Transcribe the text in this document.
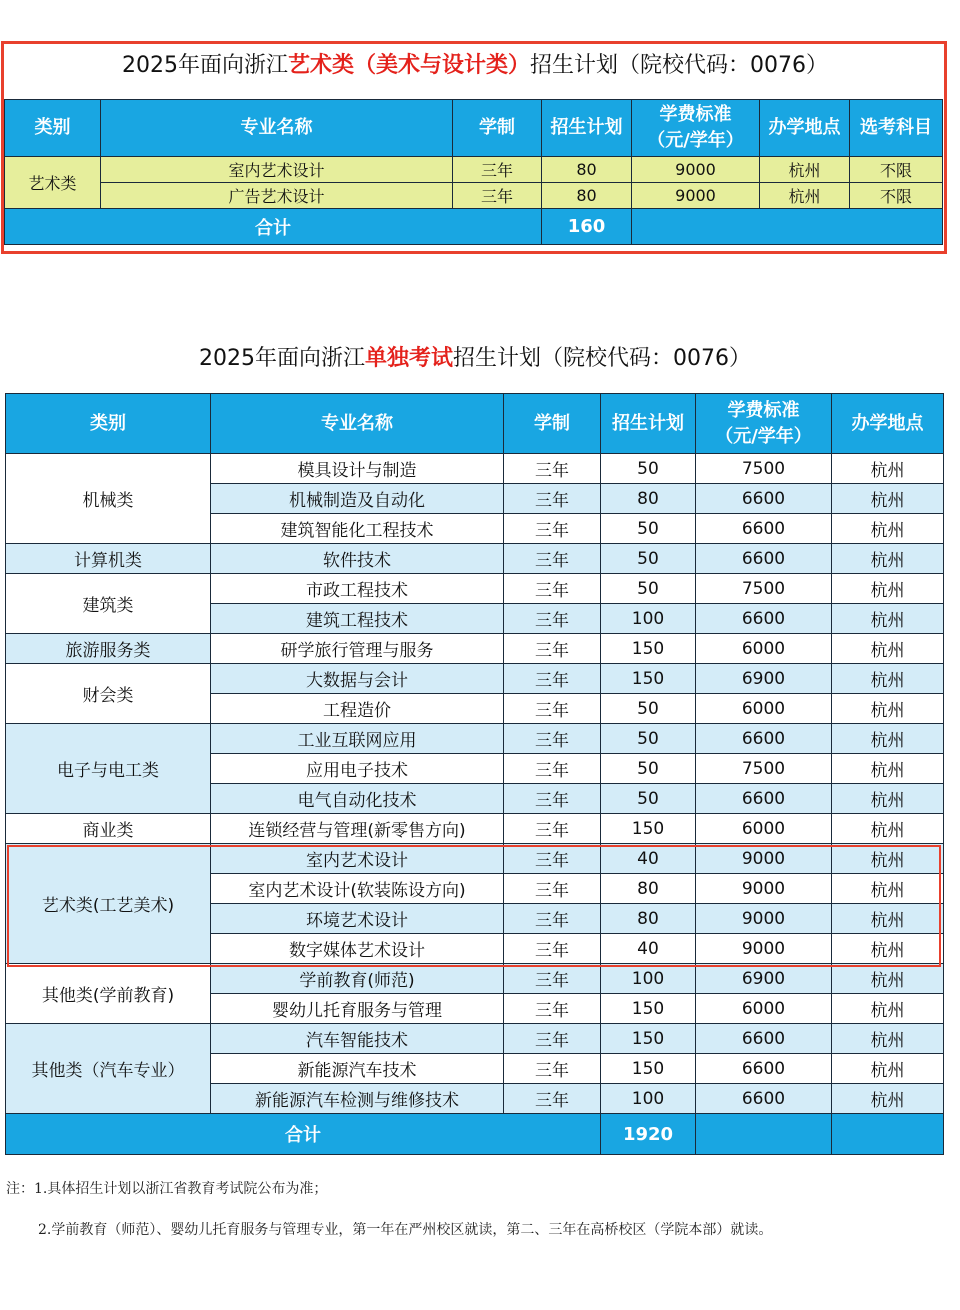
2025年面向浙江艺术类（美术与设计类）招生计划（院校代码：0076）
类别	专业名称	学制	招生计划	学费标准
（元/学年）	办学地点	选考科目
艺术类	室内艺术设计	三年	80	9000	杭州	不限
	广告艺术设计	三年	80	9000	杭州	不限
合计			160			
2025年面向浙江单独考试招生计划（院校代码：0076）
类别	专业名称	学制	招生计划	学费标准
（元/学年）	办学地点
机械类	模具设计与制造	三年	50	7500	杭州
	机械制造及自动化	三年	80	6600	杭州
	建筑智能化工程技术	三年	50	6600	杭州
计算机类	软件技术	三年	50	6600	杭州
建筑类	市政工程技术	三年	50	7500	杭州
	建筑工程技术	三年	100	6600	杭州
旅游服务类	研学旅行管理与服务	三年	150	6000	杭州
财会类	大数据与会计	三年	150	6900	杭州
	工程造价	三年	50	6000	杭州
电子与电工类	工业互联网应用	三年	50	6600	杭州
	应用电子技术	三年	50	7500	杭州
	电气自动化技术	三年	50	6600	杭州
商业类	连锁经营与管理(新零售方向)	三年	150	6000	杭州
艺术类(工艺美术)	室内艺术设计	三年	40	9000	杭州
	室内艺术设计(软装陈设方向)	三年	80	9000	杭州
	环境艺术设计	三年	80	9000	杭州
	数字媒体艺术设计	三年	40	9000	杭州
其他类(学前教育)	学前教育(师范)	三年	100	6900	杭州
	婴幼儿托育服务与管理	三年	150	6000	杭州
其他类（汽车专业）	汽车智能技术	三年	150	6600	杭州
	新能源汽车技术	三年	150	6600	杭州
	新能源汽车检测与维修技术	三年	100	6600	杭州
合计			1920		
注：1.具体招生计划以浙江省教育考试院公布为准；
2.学前教育（师范）、婴幼儿托育服务与管理专业，第一年在严州校区就读，第二、三年在高桥校区（学院本部）就读。
